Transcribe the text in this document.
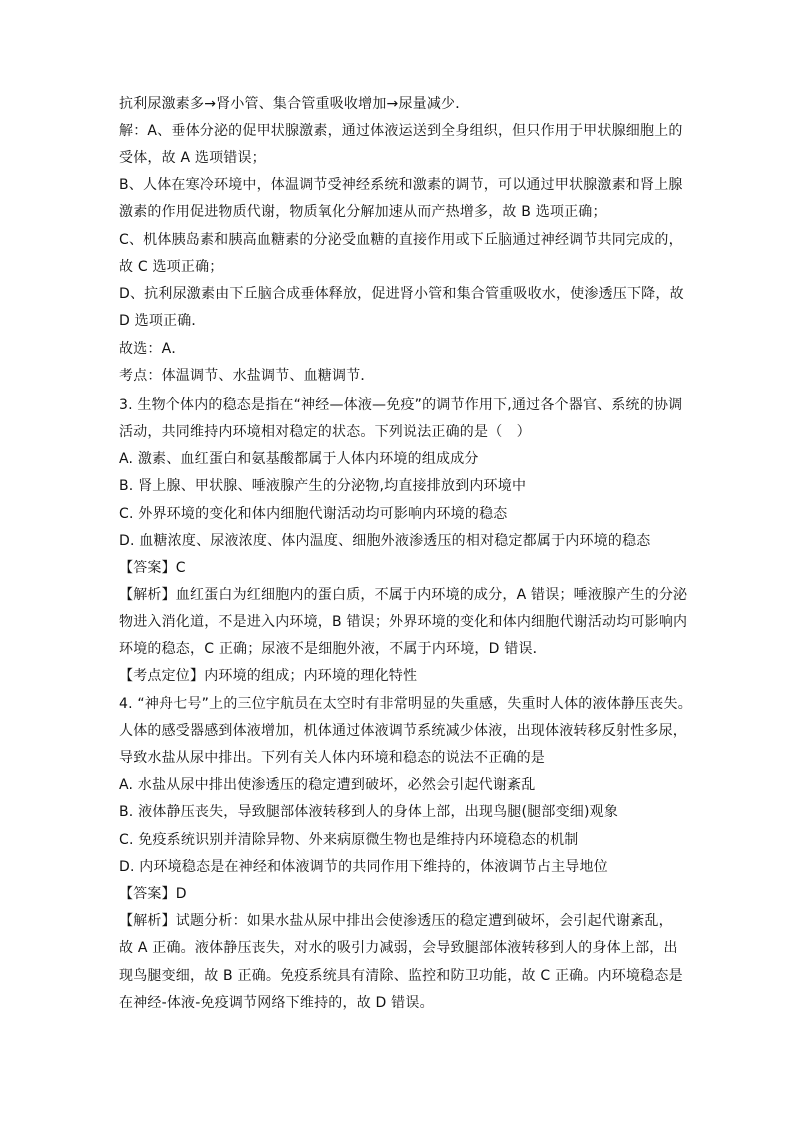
抗利尿激素多→肾小管、集合管重吸收增加→尿量减少．
解：A、垂体分泌的促甲状腺激素，通过体液运送到全身组织，但只作用于甲状腺细胞上的
受体，故 A 选项错误；
B、人体在寒冷环境中，体温调节受神经系统和激素的调节，可以通过甲状腺激素和肾上腺
激素的作用促进物质代谢，物质氧化分解加速从而产热增多，故 B 选项正确；
C、机体胰岛素和胰高血糖素的分泌受血糖的直接作用或下丘脑通过神经调节共同完成的，
故 C 选项正确；
D、抗利尿激素由下丘脑合成垂体释放，促进肾小管和集合管重吸收水，使渗透压下降，故
D 选项正确．
故选：A．
考点：体温调节、水盐调节、血糖调节．
3. 生物个体内的稳态是指在“神经—体液—免疫”的调节作用下,通过各个器官、系统的协调
活动，共同维持内环境相对稳定的状态。下列说法正确的是（　）
A. 激素、血红蛋白和氨基酸都属于人体内环境的组成成分
B. 肾上腺、甲状腺、唾液腺产生的分泌物,均直接排放到内环境中
C. 外界环境的变化和体内细胞代谢活动均可影响内环境的稳态
D. 血糖浓度、尿液浓度、体内温度、细胞外液渗透压的相对稳定都属于内环境的稳态
【答案】C
【解析】血红蛋白为红细胞内的蛋白质，不属于内环境的成分，A 错误；唾液腺产生的分泌
物进入消化道，不是进入内环境，B 错误；外界环境的变化和体内细胞代谢活动均可影响内
环境的稳态，C 正确；尿液不是细胞外液，不属于内环境，D 错误．
【考点定位】内环境的组成；内环境的理化特性
4. “神舟七号”上的三位宇航员在太空时有非常明显的失重感，失重时人体的液体静压丧失。
人体的感受器感到体液增加，机体通过体液调节系统减少体液，出现体液转移反射性多尿，
导致水盐从尿中排出。下列有关人体内环境和稳态的说法不正确的是
A. 水盐从尿中排出使渗透压的稳定遭到破坏，必然会引起代谢紊乱
B. 液体静压丧失，导致腿部体液转移到人的身体上部，出现鸟腿(腿部变细)观象
C. 免疫系统识别并清除异物、外来病原微生物也是维持内环境稳态的机制
D. 内环境稳态是在神经和体液调节的共同作用下维持的，体液调节占主导地位
【答案】D
【解析】试题分析：如果水盐从尿中排出会使渗透压的稳定遭到破坏，会引起代谢紊乱，
故 A 正确。液体静压丧失，对水的吸引力减弱，会导致腿部体液转移到人的身体上部，出
现鸟腿变细，故 B 正确。免疫系统具有清除、监控和防卫功能，故 C 正确。内环境稳态是
在神经-体液-免疫调节网络下维持的，故 D 错误。
